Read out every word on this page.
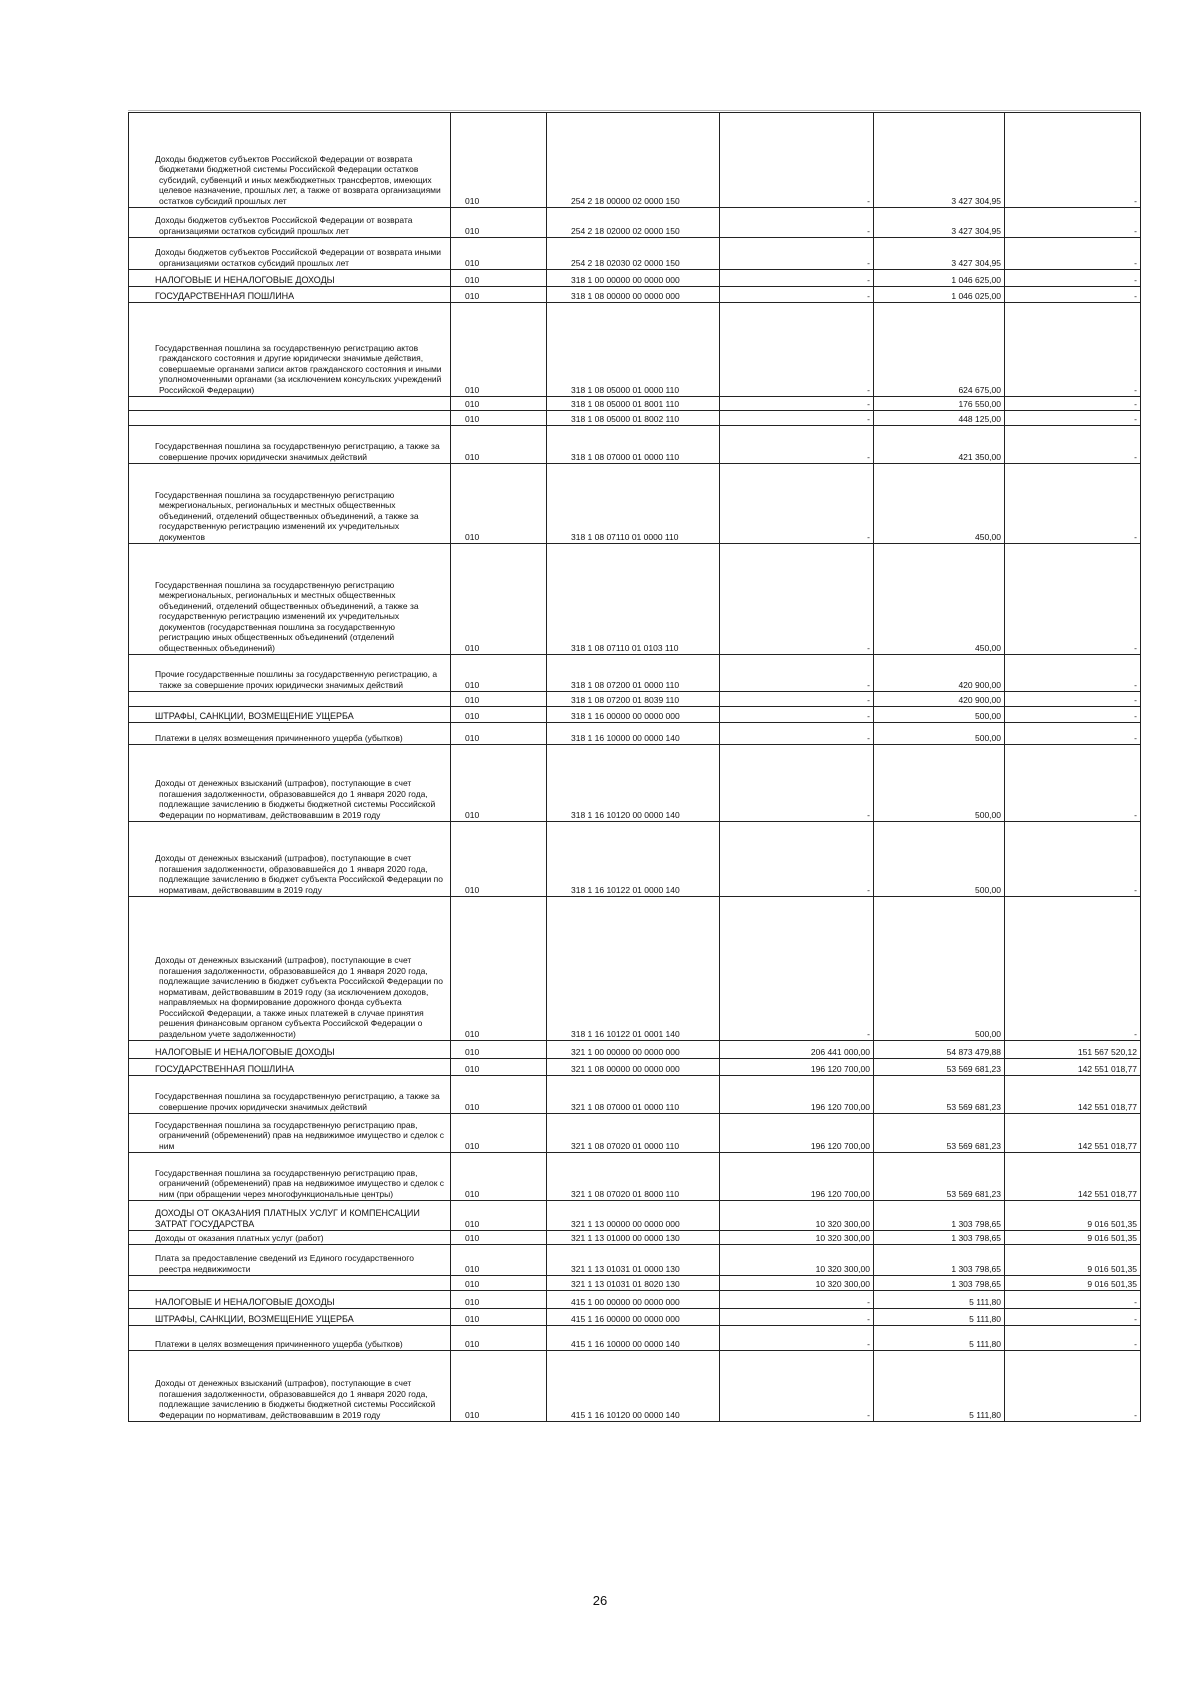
Доходы бюджетов субъектов Российской Федерации от возврата бюджетами бюджетной системы Российской Федерации остатков субсидий, субвенций и иных межбюджетных трансфертов, имеющих целевое назначение, прошлых лет, а также от возврата организациями остатков субсидий прошлых лет	010	254 2 18 00000 02 0000 150	-	3 427 304,95	-
Доходы бюджетов субъектов Российской Федерации от возврата организациями остатков субсидий прошлых лет	010	254 2 18 02000 02 0000 150	-	3 427 304,95	-
Доходы бюджетов субъектов Российской Федерации от возврата иными организациями остатков субсидий прошлых лет	010	254 2 18 02030 02 0000 150	-	3 427 304,95	-
НАЛОГОВЫЕ И НЕНАЛОГОВЫЕ ДОХОДЫ	010	318 1 00 00000 00 0000 000	-	1 046 625,00	-
ГОСУДАРСТВЕННАЯ ПОШЛИНА	010	318 1 08 00000 00 0000 000	-	1 046 025,00	-
Государственная пошлина за государственную регистрацию актов гражданского состояния и другие юридически значимые действия, совершаемые органами записи актов гражданского состояния и иными уполномоченными органами (за исключением консульских учреждений Российской Федерации)	010	318 1 08 05000 01 0000 110	-	624 675,00	-
	010	318 1 08 05000 01 8001 110	-	176 550,00	-
	010	318 1 08 05000 01 8002 110	-	448 125,00	-
Государственная пошлина за государственную регистрацию, а также за совершение прочих юридически значимых действий	010	318 1 08 07000 01 0000 110	-	421 350,00	-
Государственная пошлина за государственную регистрацию межрегиональных, региональных и местных общественных объединений, отделений общественных объединений, а также за государственную регистрацию изменений их учредительных документов	010	318 1 08 07110 01 0000 110	-	450,00	-
Государственная пошлина за государственную регистрацию межрегиональных, региональных и местных общественных объединений, отделений общественных объединений, а также за государственную регистрацию изменений их учредительных документов (государственная пошлина за государственную регистрацию иных общественных объединений (отделений общественных объединений)	010	318 1 08 07110 01 0103 110	-	450,00	-
Прочие государственные пошлины за государственную регистрацию, а также за совершение прочих юридически значимых действий	010	318 1 08 07200 01 0000 110	-	420 900,00	-
	010	318 1 08 07200 01 8039 110	-	420 900,00	-
ШТРАФЫ, САНКЦИИ, ВОЗМЕЩЕНИЕ УЩЕРБА	010	318 1 16 00000 00 0000 000	-	500,00	-
Платежи в целях возмещения причиненного ущерба (убытков)	010	318 1 16 10000 00 0000 140	-	500,00	-
Доходы от денежных взысканий (штрафов), поступающие в счет погашения задолженности, образовавшейся до 1 января 2020 года, подлежащие зачислению в бюджеты бюджетной системы Российской Федерации по нормативам, действовавшим в 2019 году	010	318 1 16 10120 00 0000 140	-	500,00	-
Доходы от денежных взысканий (штрафов), поступающие в счет погашения задолженности, образовавшейся до 1 января 2020 года, подлежащие зачислению в бюджет субъекта Российской Федерации по нормативам, действовавшим в 2019 году	010	318 1 16 10122 01 0000 140	-	500,00	-
Доходы от денежных взысканий (штрафов), поступающие в счет погашения задолженности, образовавшейся до 1 января 2020 года, подлежащие зачислению в бюджет субъекта Российской Федерации по нормативам, действовавшим в 2019 году (за исключением доходов, направляемых на формирование дорожного фонда субъекта Российской Федерации, а также иных платежей в случае принятия решения финансовым органом субъекта Российской Федерации о раздельном учете задолженности)	010	318 1 16 10122 01 0001 140	-	500,00	-
НАЛОГОВЫЕ И НЕНАЛОГОВЫЕ ДОХОДЫ	010	321 1 00 00000 00 0000 000	206 441 000,00	54 873 479,88	151 567 520,12
ГОСУДАРСТВЕННАЯ ПОШЛИНА	010	321 1 08 00000 00 0000 000	196 120 700,00	53 569 681,23	142 551 018,77
Государственная пошлина за государственную регистрацию, а также за совершение прочих юридически значимых действий	010	321 1 08 07000 01 0000 110	196 120 700,00	53 569 681,23	142 551 018,77
Государственная пошлина за государственную регистрацию прав, ограничений (обременений) прав на недвижимое имущество и сделок с ним	010	321 1 08 07020 01 0000 110	196 120 700,00	53 569 681,23	142 551 018,77
Государственная пошлина за государственную регистрацию прав, ограничений (обременений) прав на недвижимое имущество и сделок с ним (при обращении через многофункциональные центры)	010	321 1 08 07020 01 8000 110	196 120 700,00	53 569 681,23	142 551 018,77
ДОХОДЫ ОТ ОКАЗАНИЯ ПЛАТНЫХ УСЛУГ И КОМПЕНСАЦИИ ЗАТРАТ ГОСУДАРСТВА	010	321 1 13 00000 00 0000 000	10 320 300,00	1 303 798,65	9 016 501,35
Доходы от оказания платных услуг (работ)	010	321 1 13 01000 00 0000 130	10 320 300,00	1 303 798,65	9 016 501,35
Плата за предоставление сведений из Единого государственного реестра недвижимости	010	321 1 13 01031 01 0000 130	10 320 300,00	1 303 798,65	9 016 501,35
	010	321 1 13 01031 01 8020 130	10 320 300,00	1 303 798,65	9 016 501,35
НАЛОГОВЫЕ И НЕНАЛОГОВЫЕ ДОХОДЫ	010	415 1 00 00000 00 0000 000	-	5 111,80	-
ШТРАФЫ, САНКЦИИ, ВОЗМЕЩЕНИЕ УЩЕРБА	010	415 1 16 00000 00 0000 000	-	5 111,80	-
Платежи в целях возмещения причиненного ущерба (убытков)	010	415 1 16 10000 00 0000 140	-	5 111,80	-
Доходы от денежных взысканий (штрафов), поступающие в счет погашения задолженности, образовавшейся до 1 января 2020 года, подлежащие зачислению в бюджеты бюджетной системы Российской Федерации по нормативам, действовавшим в 2019 году	010	415 1 16 10120 00 0000 140	-	5 111,80	-
26
